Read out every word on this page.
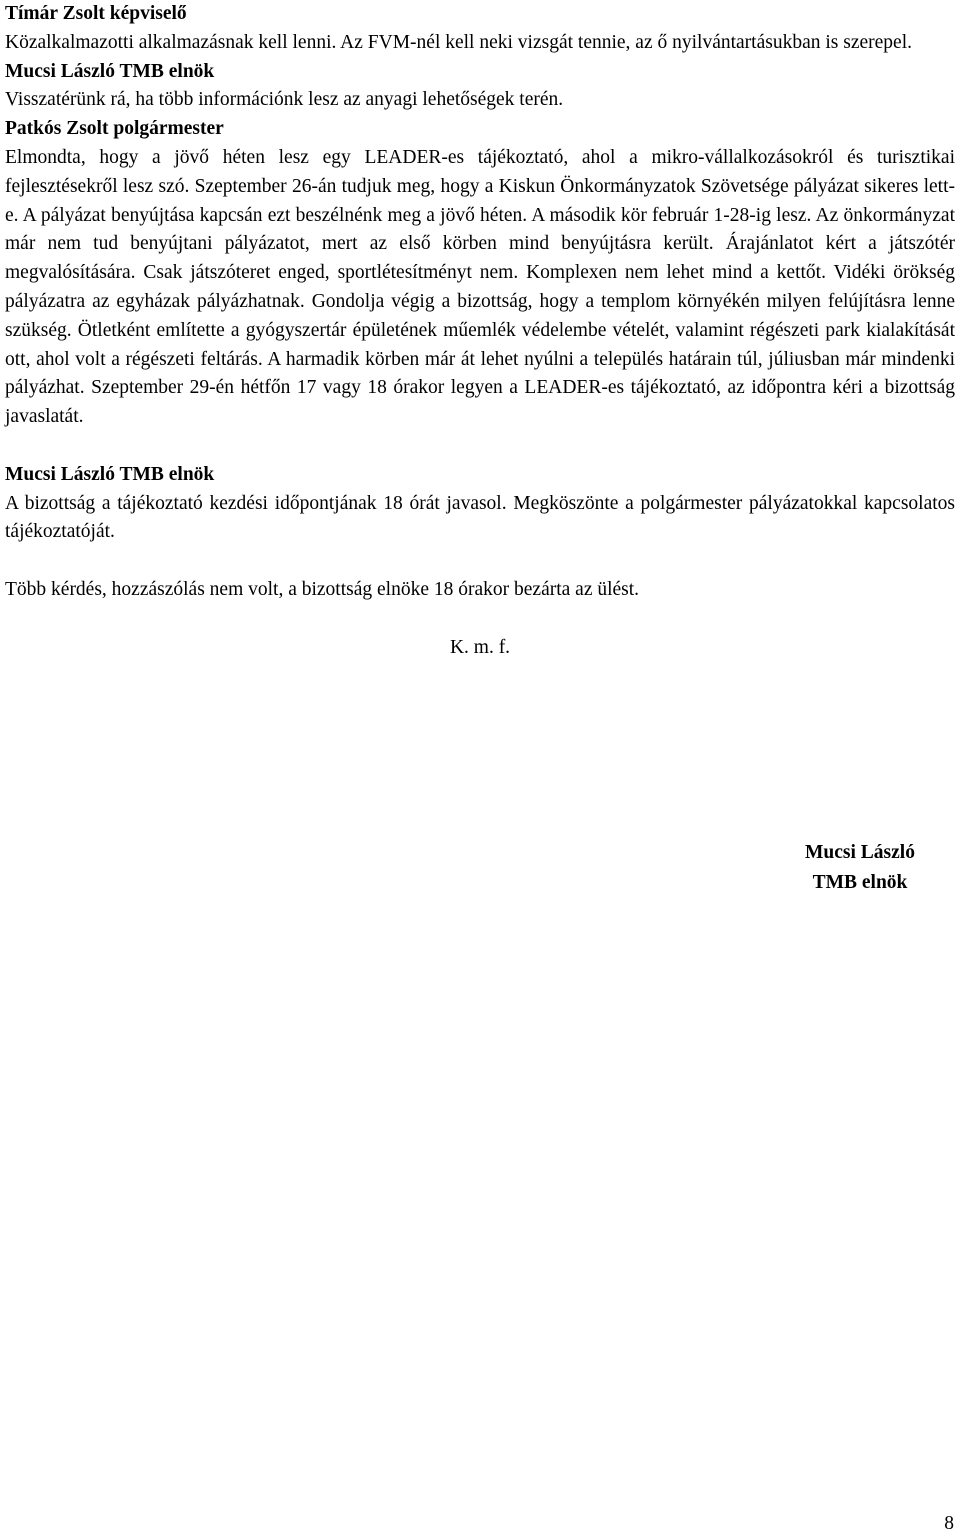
Tímár Zsolt képviselő

Közalkalmazotti alkalmazásnak kell lenni. Az FVM-nél kell neki vizsgát tennie, az ő nyilvántartásukban is szerepel.

Mucsi László TMB elnök

Visszatérünk rá, ha több információnk lesz az anyagi lehetőségek terén.

Patkós Zsolt polgármester

Elmondta, hogy a jövő héten lesz egy LEADER-es tájékoztató, ahol a mikro-vállalkozásokról és turisztikai fejlesztésekről lesz szó. Szeptember 26-án tudjuk meg, hogy a Kiskun Önkormányzatok Szövetsége pályázat sikeres lett-e. A pályázat benyújtása kapcsán ezt beszélnénk meg a jövő héten. A második kör február 1-28-ig lesz. Az önkormányzat már nem tud benyújtani pályázatot, mert az első körben mind benyújtásra került. Árajánlatot kért a játszótér megvalósítására. Csak játszóteret enged, sportlétesítményt nem. Komplexen nem lehet mind a kettőt. Vidéki örökség pályázatra az egyházak pályázhatnak. Gondolja végig a bizottság, hogy a templom környékén milyen felújításra lenne szükség. Ötletként említette a gyógyszertár épületének műemlék védelembe vételét, valamint régészeti park kialakítását ott, ahol volt a régészeti feltárás. A harmadik körben már át lehet nyúlni a település határain túl, júliusban már mindenki pályázhat. Szeptember 29-én hétfőn 17 vagy 18 órakor legyen a LEADER-es tájékoztató, az időpontra kéri a bizottság javaslatát.

Mucsi László TMB elnök

A bizottság a tájékoztató kezdési időpontjának 18 órát javasol. Megköszönte a polgármester pályázatokkal kapcsolatos tájékoztatóját.

Több kérdés, hozzászólás nem volt, a bizottság elnöke 18 órakor bezárta az ülést.

K. m. f.

Mucsi László
TMB elnök
8
